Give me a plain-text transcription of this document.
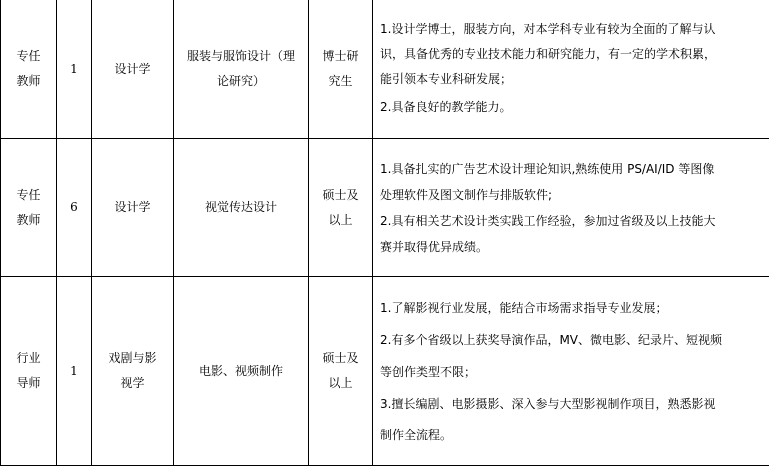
专任
教师	1	设计学	服装与服饰设计（理
论研究）	博士研
究生	1.设计学博士，服装方向，对本学科专业有较为全面的了解与认
识，具备优秀的专业技术能力和研究能力，有一定的学术积累，
能引领本专业科研发展；
2.具备良好的教学能力。

专任
教师	6	设计学	视觉传达设计	硕士及
以上	1.具备扎实的广告艺术设计理论知识,熟练使用 PS/AI/ID 等图像
处理软件及图文制作与排版软件;
2.具有相关艺术设计类实践工作经验，参加过省级及以上技能大
赛并取得优异成绩。

行业
导师	1	戏剧与影
视学	电影、视频制作	硕士及
以上	1.了解影视行业发展，能结合市场需求指导专业发展；
2.有多个省级以上获奖导演作品，MV、微电影、纪录片、短视频
等创作类型不限；
3.擅长编剧、电影摄影、深入参与大型影视制作项目，熟悉影视
制作全流程。
